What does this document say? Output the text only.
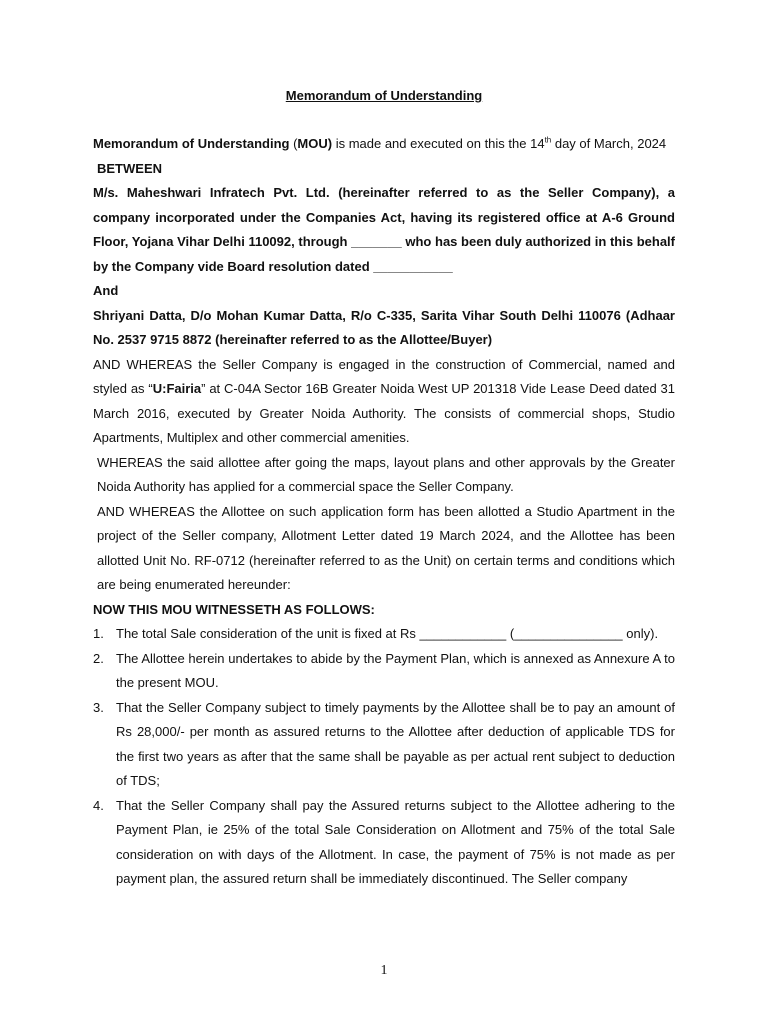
Memorandum of Understanding

Memorandum of Understanding (MOU) is made and executed on this the 14th day of March, 2024

BETWEEN

M/s. Maheshwari Infratech Pvt. Ltd. (hereinafter referred to as the Seller Company), a company incorporated under the Companies Act, having its registered office at A-6 Ground Floor, Yojana Vihar Delhi 110092, through _______ who has been duly authorized in this behalf by the Company vide Board resolution dated ___________

And

Shriyani Datta, D/o Mohan Kumar Datta, R/o C-335, Sarita Vihar South Delhi 110076 (Adhaar No. 2537 9715 8872 (hereinafter referred to as the Allottee/Buyer)

AND WHEREAS the Seller Company is engaged in the construction of Commercial, named and styled as “U:Fairia” at C-04A Sector 16B Greater Noida West UP 201318 Vide Lease Deed dated 31 March 2016, executed by Greater Noida Authority. The consists of commercial shops, Studio Apartments, Multiplex and other commercial amenities.

WHEREAS the said allottee after going the maps, layout plans and other approvals by the Greater Noida Authority has applied for a commercial space the Seller Company.

AND WHEREAS the Allottee on such application form has been allotted a Studio Apartment in the project of the Seller company, Allotment Letter dated 19 March 2024, and the Allottee has been allotted Unit No. RF-0712 (hereinafter referred to as the Unit) on certain terms and conditions which are being enumerated hereunder:

NOW THIS MOU WITNESSETH AS FOLLOWS:

1. The total Sale consideration of the unit is fixed at Rs ____________ (_______________ only).
2. The Allottee herein undertakes to abide by the Payment Plan, which is annexed as Annexure A to the present MOU.
3. That the Seller Company subject to timely payments by the Allottee shall be to pay an amount of Rs 28,000/- per month as assured returns to the Allottee after deduction of applicable TDS for the first two years as after that the same shall be payable as per actual rent subject to deduction of TDS;
4. That the Seller Company shall pay the Assured returns subject to the Allottee adhering to the Payment Plan, ie 25% of the total Sale Consideration on Allotment and 75% of the total Sale consideration on with days of the Allotment. In case, the payment of 75% is not made as per payment plan, the assured return shall be immediately discontinued. The Seller company
1
